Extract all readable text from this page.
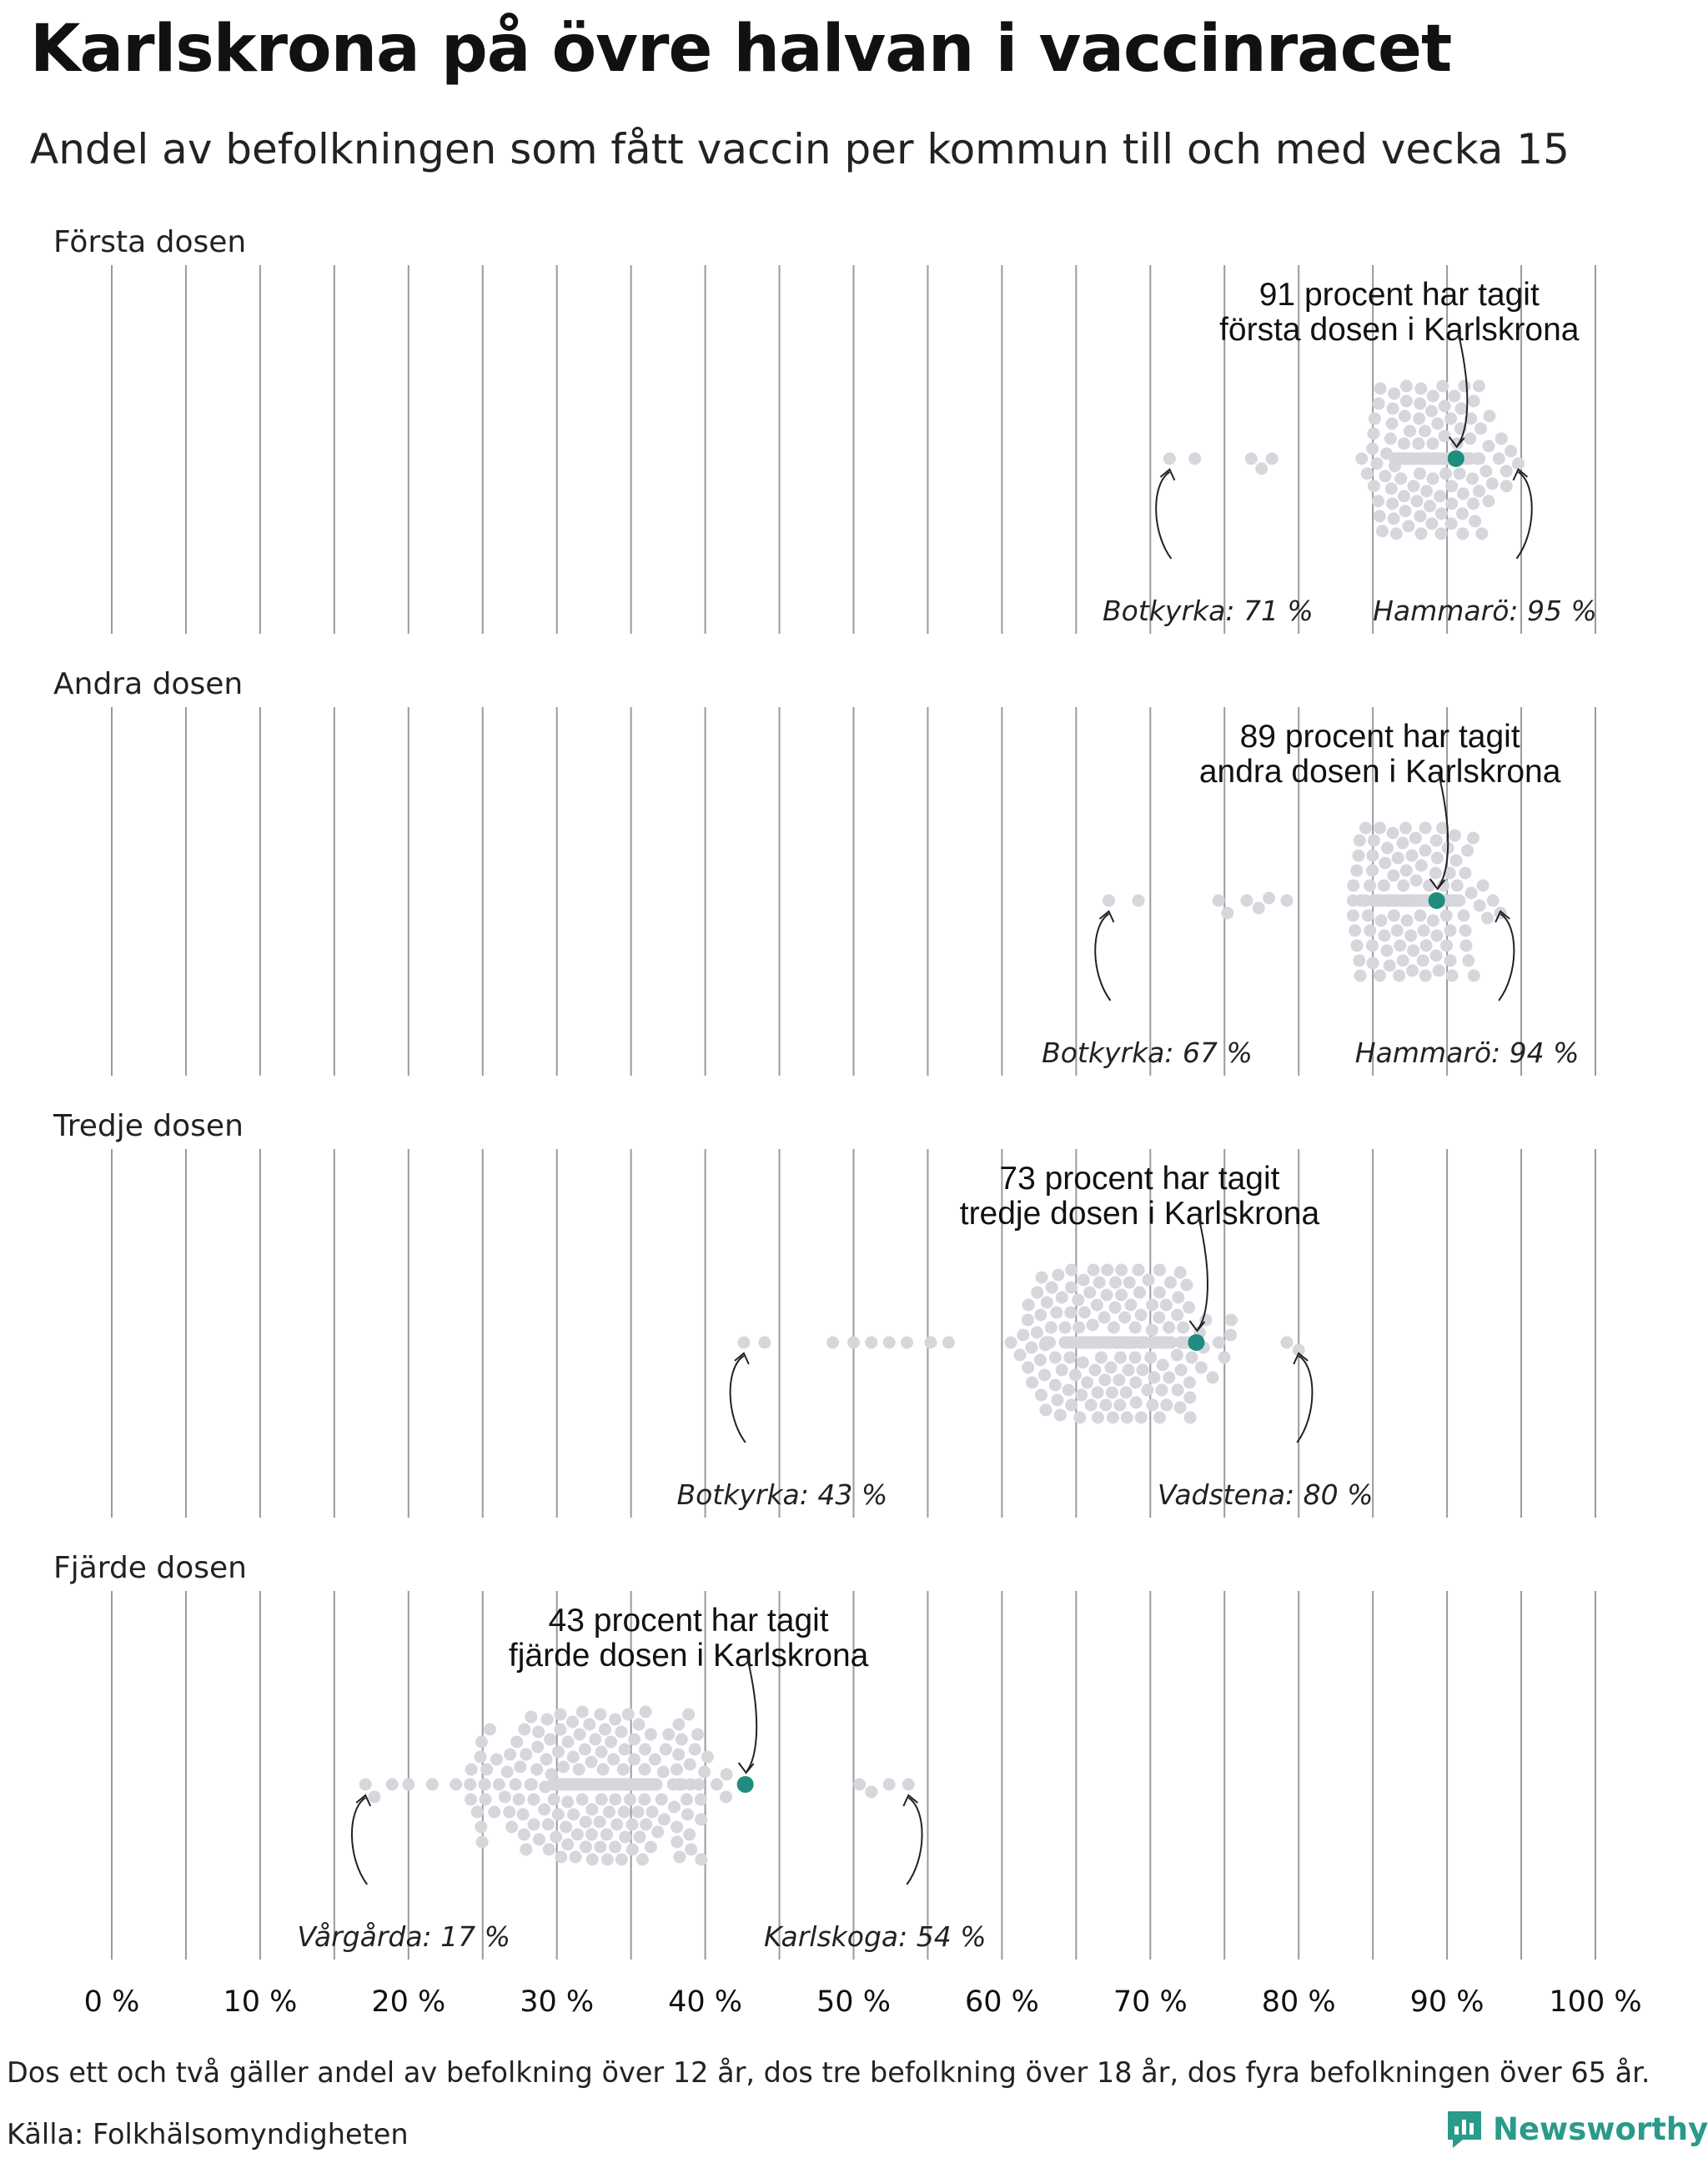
Karlskrona på övre halvan i vaccinracet

Andel av befolkningen som fått vaccin per kommun till och med vecka 15

Första dosen
91 procent har tagit
första dosen i Karlskrona
Botkyrka: 71 % Hammarö: 95 %
Andra dosen
89 procent har tagit
andra dosen i Karlskrona
Botkyrka: 67 %	Hammarö: 94 %
Tredje dosen
73 procent har tagit
tredje dosen i Karlskrona
Botkyrka: 43 %	Vadstena: 80 %
Fjärde dosen
43 procent har tagit
fjärde dosen i Karlskrona
Vårgårda: 17 %	Karlskoga: 54 %
0 %	10 %	20 %	30 %	40 %	50 %	60 %	70 %	80 %	90 % 100 %

Dos ett och två gäller andel av befolkning över 12 år, dos tre befolkning över 18 år, dos fyra befolkningen över 65 år.

Källa: Folkhälsomyndigheten	Newsworthy
